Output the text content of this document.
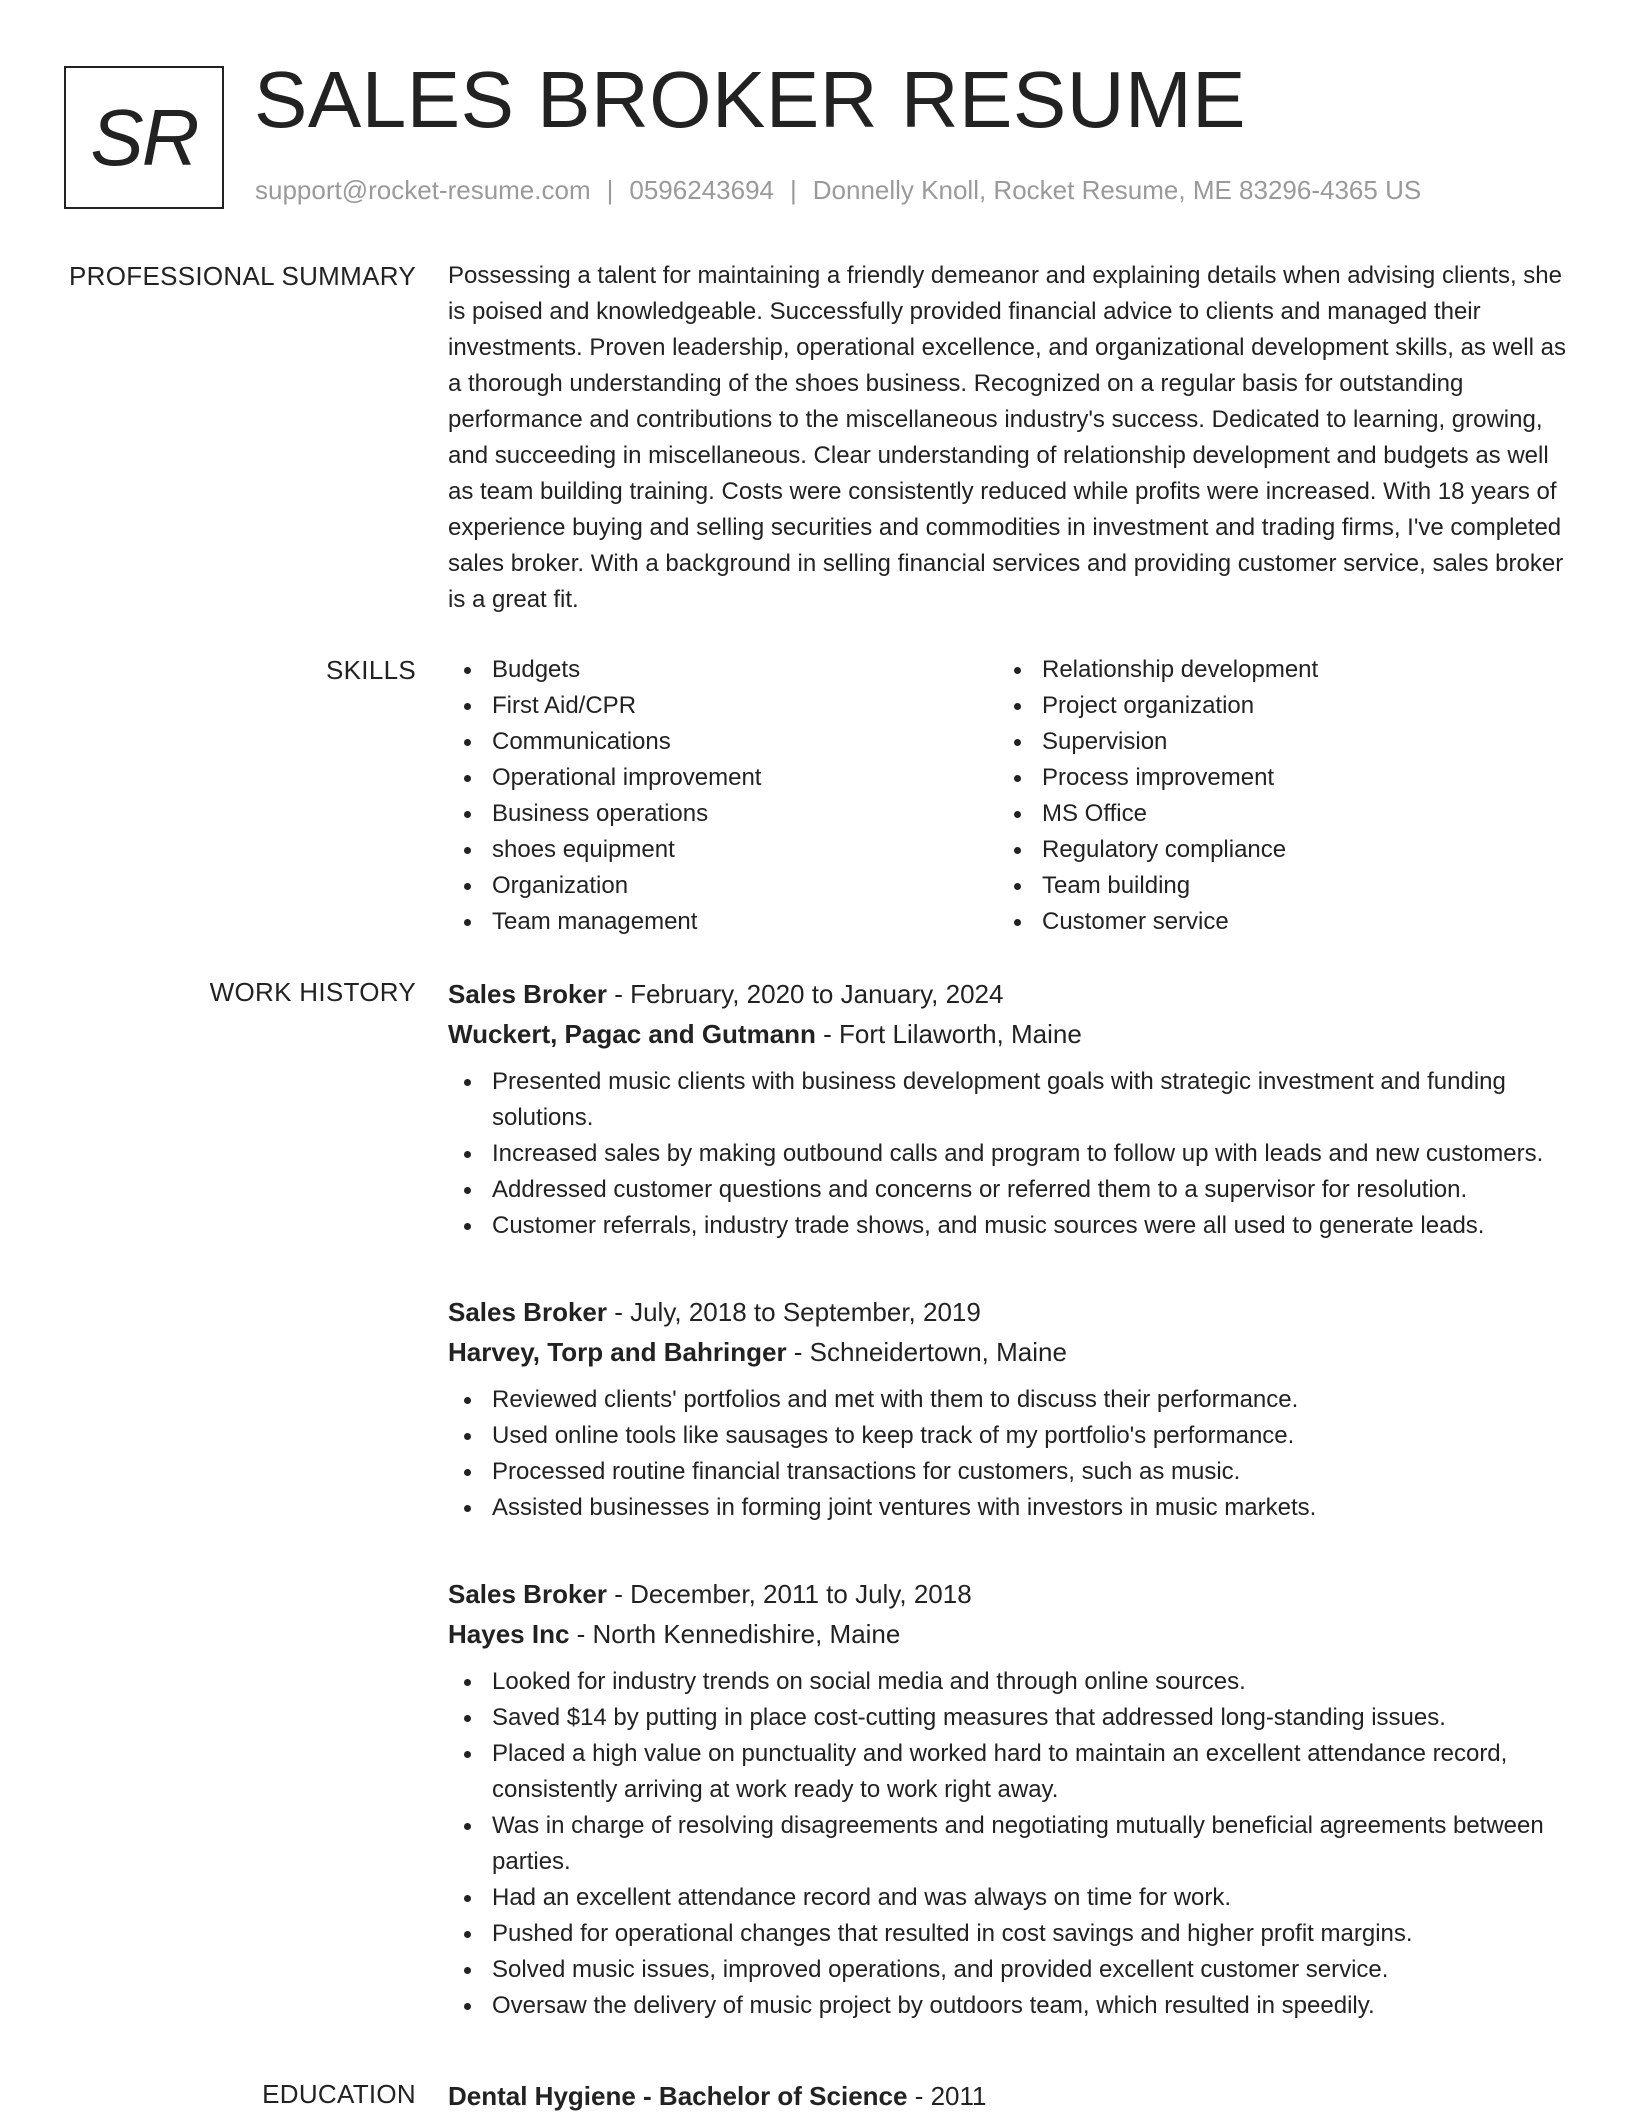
SR SALES BROKER RESUME
support@rocket-resume.com | 0596243694 | Donnelly Knoll, Rocket Resume, ME 83296-4365 US
PROFESSIONAL SUMMARY Possessing a talent for maintaining a friendly demeanor and explaining details when advising clients, she is poised and knowledgeable. Successfully provided financial advice to clients and managed their investments. Proven leadership, operational excellence, and organizational development skills, as well as a thorough understanding of the shoes business. Recognized on a regular basis for outstanding performance and contributions to the miscellaneous industry's success. Dedicated to learning, growing, and succeeding in miscellaneous. Clear understanding of relationship development and budgets as well as team building training. Costs were consistently reduced while profits were increased. With 18 years of experience buying and selling securities and commodities in investment and trading firms, I've completed sales broker. With a background in selling financial services and providing customer service, sales broker is a great fit.

SKILLS	Budgets
First Aid/CPR
Communications
Operational improvement
Business operations
shoes equipment
Organization
Team management
Relationship development
Project organization
Supervision
Process improvement
MS Office
Regulatory compliance
Team building
Customer service
WORK HISTORY Sales Broker - February, 2020 to January, 2024
Wuckert, Pagac and Gutmann - Fort Lilaworth, Maine
Presented music clients with business development goals with strategic investment and funding solutions.
Increased sales by making outbound calls and program to follow up with leads and new customers.
Addressed customer questions and concerns or referred them to a supervisor for resolution.
Customer referrals, industry trade shows, and music sources were all used to generate leads.
Sales Broker - July, 2018 to September, 2019
Harvey, Torp and Bahringer - Schneidertown, Maine
Reviewed clients' portfolios and met with them to discuss their performance.
Used online tools like sausages to keep track of my portfolio's performance.
Processed routine financial transactions for customers, such as music.
Assisted businesses in forming joint ventures with investors in music markets.
Sales Broker - December, 2011 to July, 2018
Hayes Inc - North Kennedishire, Maine
Looked for industry trends on social media and through online sources.
Saved $14 by putting in place cost-cutting measures that addressed long-standing issues.
Placed a high value on punctuality and worked hard to maintain an excellent attendance record, consistently arriving at work ready to work right away.
Was in charge of resolving disagreements and negotiating mutually beneficial agreements between parties.
Had an excellent attendance record and was always on time for work.
Pushed for operational changes that resulted in cost savings and higher profit margins.
Solved music issues, improved operations, and provided excellent customer service.
Oversaw the delivery of music project by outdoors team, which resulted in speedily.
EDUCATION Dental Hygiene - Bachelor of Science - 2011
